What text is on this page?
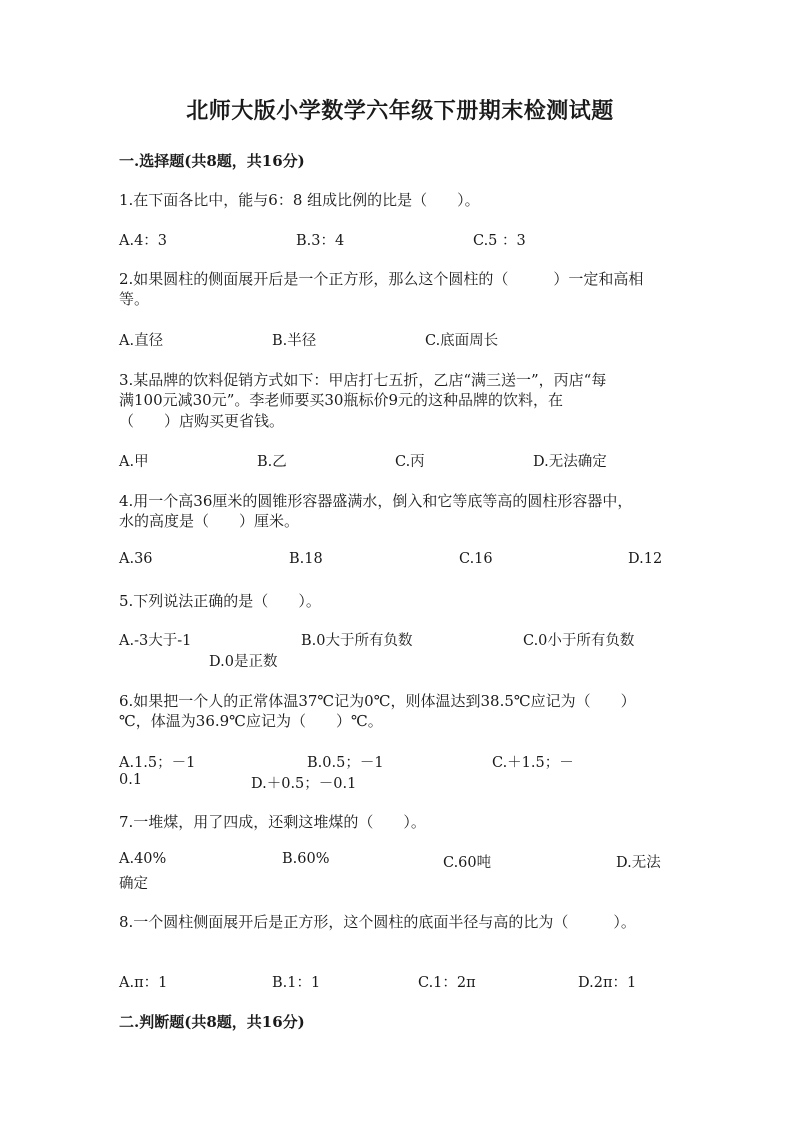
北师大版小学数学六年级下册期末检测试题
一.选择题(共8题，共16分)
1.在下面各比中，能与6：8 组成比例的比是（　　）。
A.4：3	B.3：4	C.5 ：3
2.如果圆柱的侧面展开后是一个正方形，那么这个圆柱的（　　　）一定和高相
等。
A.直径	B.半径	C.底面周长
3.某品牌的饮料促销方式如下：甲店打七五折，乙店“满三送一”，丙店“每
满100元减30元”。李老师要买30瓶标价9元的这种品牌的饮料，在
（　　）店购买更省钱。
A.甲	B.乙	C.丙	D.无法确定
4.用一个高36厘米的圆锥形容器盛满水，倒入和它等底等高的圆柱形容器中，
水的高度是（　　）厘米。
A.36	B.18	C.16	D.12
5.下列说法正确的是（　　）。
A.-3大于-1	B.0大于所有负数	C.0小于所有负数
D.0是正数
6.如果把一个人的正常体温37℃记为0℃，则体温达到38.5℃应记为（　　）
℃，体温为36.9℃应记为（　　）℃。
A.1.5；－1	B.0.5；－1	C.＋1.5；－
0.1	D.＋0.5；－0.1
7.一堆煤，用了四成，还剩这堆煤的（　　）。
A.40%	B.60%	C.60吨	D.无法
确定
8.一个圆柱侧面展开后是正方形，这个圆柱的底面半径与高的比为（　　　）。
A.π：1	B.1：1	C.1：2π	D.2π：1
二.判断题(共8题，共16分)
